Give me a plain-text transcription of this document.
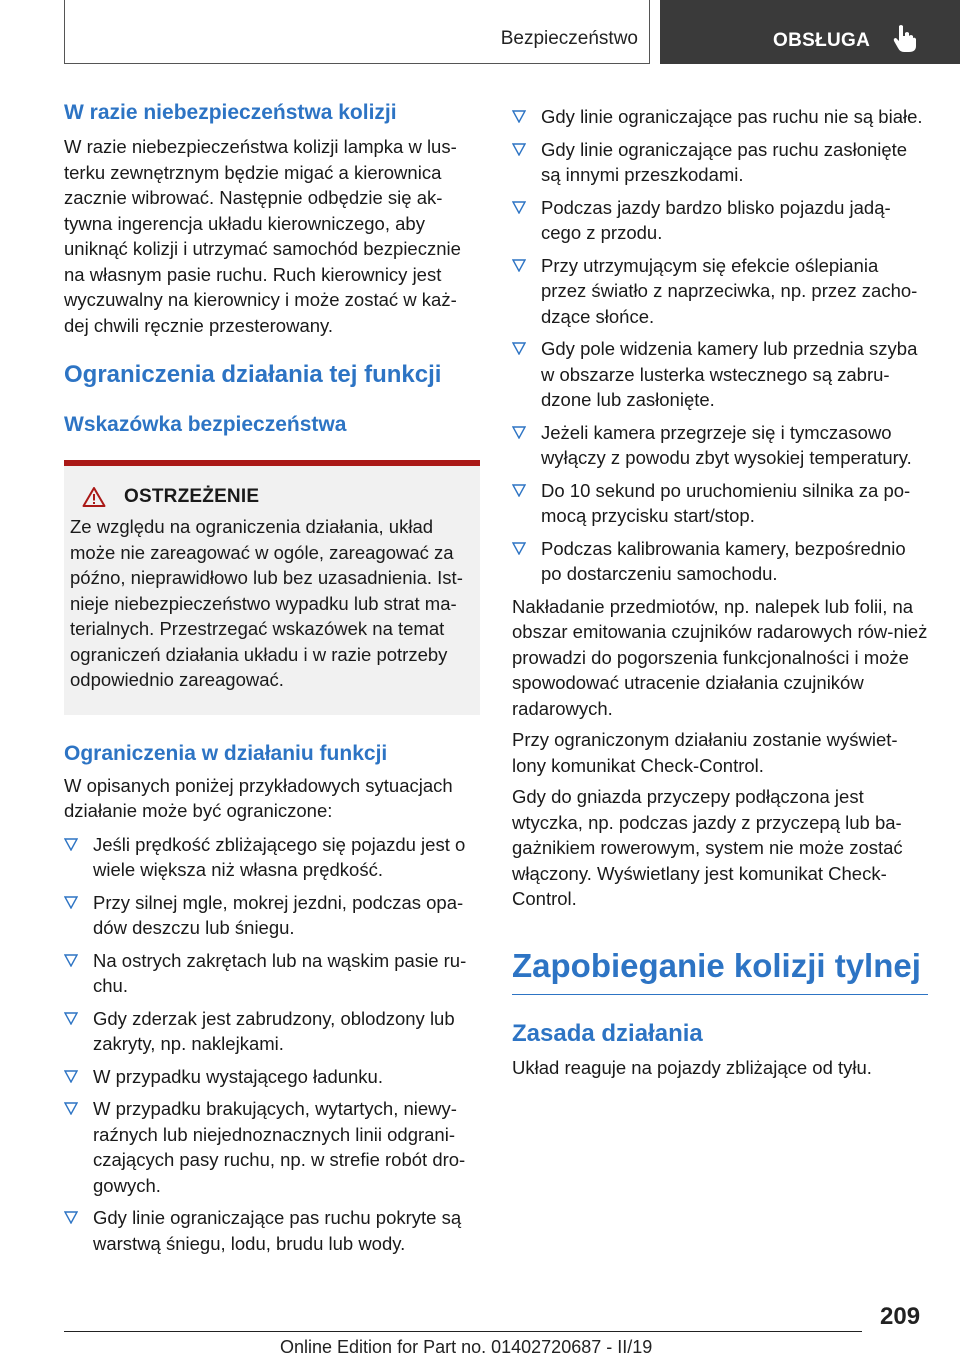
Bezpieczeństwo	OBSŁUGA
W razie niebezpieczeństwa kolizji

W razie niebezpieczeństwa kolizji lampka w lus-terku zewnętrznym będzie migać a kierownica zacznie wibrować. Następnie odbędzie się ak-tywna ingerencja układu kierowniczego, aby uniknąć kolizji i utrzymać samochód bezpiecznie na własnym pasie ruchu. Ruch kierownicy jest wyczuwalny na kierownicy i może zostać w każ-dej chwili ręcznie przesterowany.

Ograniczenia działania tej funkcji
Wskazówka bezpieczeństwa
OSTRZEŻENIE

Ze względu na ograniczenia działania, układ może nie zareagować w ogóle, zareagować za późno, nieprawidłowo lub bez uzasadnienia. Ist-nieje niebezpieczeństwo wypadku lub strat ma-terialnych. Przestrzegać wskazówek na temat ograniczeń działania układu i w razie potrzeby odpowiednio zareagować.

Ograniczenia w działaniu funkcji

W opisanych poniżej przykładowych sytuacjach działanie może być ograniczone:

Jeśli prędkość zbliżającego się pojazdu jest o wiele większa niż własna prędkość.
Przy silnej mgle, mokrej jezdni, podczas opa-dów deszczu lub śniegu.
Na ostrych zakrętach lub na wąskim pasie ru-chu.
Gdy zderzak jest zabrudzony, oblodzony lub zakryty, np. naklejkami.
W przypadku wystającego ładunku.
W przypadku brakujących, wytartych, niewy-raźnych lub niejednoznacznych linii odgrani-czających pasy ruchu, np. w strefie robót dro-gowych.
Gdy linie ograniczające pas ruchu pokryte są warstwą śniegu, lodu, brudu lub wody.
Gdy linie ograniczające pas ruchu nie są białe.
Gdy linie ograniczające pas ruchu zasłonięte są innymi przeszkodami.
Podczas jazdy bardzo blisko pojazdu jadą-cego z przodu.
Przy utrzymującym się efekcie oślepiania przez światło z naprzeciwka, np. przez zacho-dzące słońce.
Gdy pole widzenia kamery lub przednia szyba w obszarze lusterka wstecznego są zabru-dzone lub zasłonięte.
Jeżeli kamera przegrzeje się i tymczasowo wyłączy z powodu zbyt wysokiej temperatury.
Do 10 sekund po uruchomieniu silnika za po-mocą przycisku start/stop.
Podczas kalibrowania kamery, bezpośrednio po dostarczeniu samochodu.

Nakładanie przedmiotów, np. nalepek lub folii, na obszar emitowania czujników radarowych rów-nież prowadzi do pogorszenia funkcjonalności i może spowodować utracenie działania czujników radarowych.

Przy ograniczonym działaniu zostanie wyświet-lony komunikat Check-Control.

Gdy do gniazda przyczepy podłączona jest wtyczka, np. podczas jazdy z przyczepą lub ba-gażnikiem rowerowym, system nie może zostać włączony. Wyświetlany jest komunikat Check-Control.

Zapobieganie kolizji tylnej
Zasada działania

Układ reaguje na pojazdy zbliżające od tyłu.

209
Online Edition for Part no. 01402720687 - II/19
